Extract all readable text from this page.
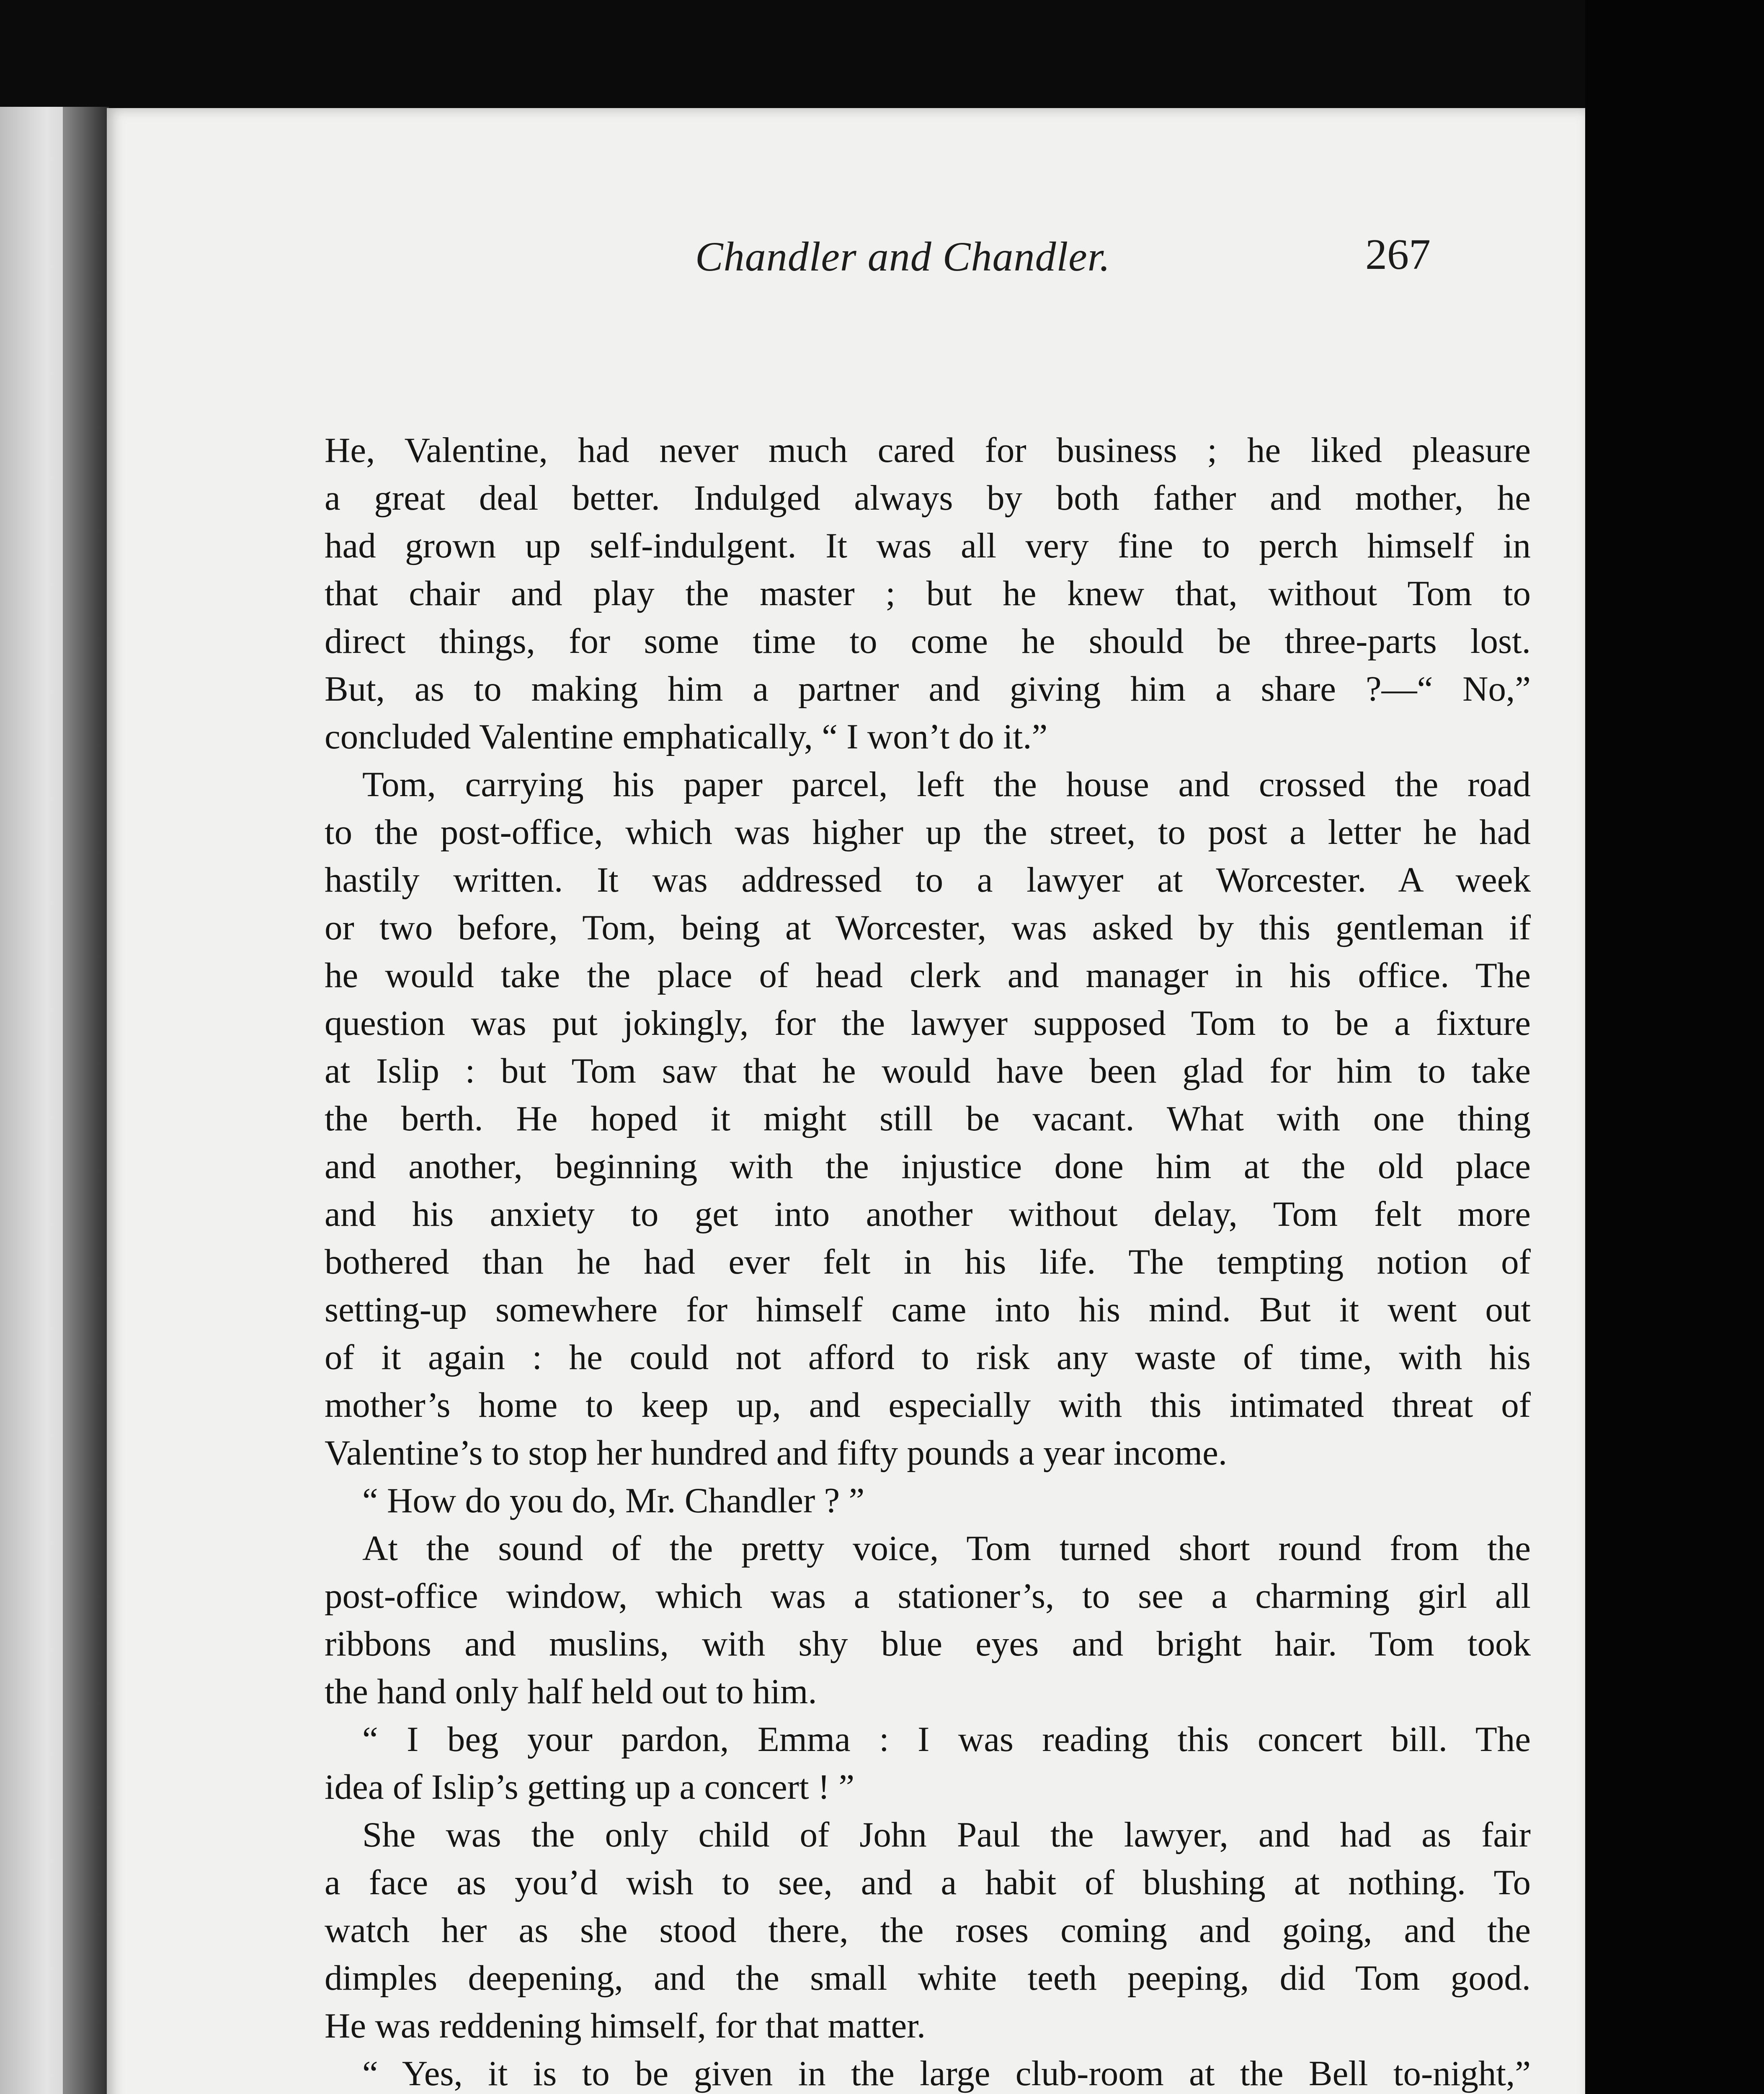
Chandler and Chandler.	267
He, Valentine, had never much cared for business ; he liked pleasure
a great deal better. Indulged always by both father and mother, he
had grown up self-indulgent. It was all very fine to perch himself in
that chair and play the master ; but he knew that, without Tom to
direct things, for some time to come he should be three-parts lost.
But, as to making him a partner and giving him a share ?—“ No,”
concluded Valentine emphatically, “ I won’t do it.”
Tom, carrying his paper parcel, left the house and crossed the road
to the post-office, which was higher up the street, to post a letter he had
hastily written. It was addressed to a lawyer at Worcester. A week
or two before, Tom, being at Worcester, was asked by this gentleman if
he would take the place of head clerk and manager in his office. The
question was put jokingly, for the lawyer supposed Tom to be a fixture
at Islip : but Tom saw that he would have been glad for him to take
the berth. He hoped it might still be vacant. What with one thing
and another, beginning with the injustice done him at the old place
and his anxiety to get into another without delay, Tom felt more
bothered than he had ever felt in his life. The tempting notion of
setting-up somewhere for himself came into his mind. But it went out
of it again : he could not afford to risk any waste of time, with his
mother’s home to keep up, and especially with this intimated threat of
Valentine’s to stop her hundred and fifty pounds a year income.
“ How do you do, Mr. Chandler ? ”
At the sound of the pretty voice, Tom turned short round from the
post-office window, which was a stationer’s, to see a charming girl all
ribbons and muslins, with shy blue eyes and bright hair. Tom took
the hand only half held out to him.
“ I beg your pardon, Emma : I was reading this concert bill. The
idea of Islip’s getting up a concert ! ”
She was the only child of John Paul the lawyer, and had as fair
a face as you’d wish to see, and a habit of blushing at nothing. To
watch her as she stood there, the roses coming and going, and the
dimples deepening, and the small white teeth peeping, did Tom good.
He was reddening himself, for that matter.
“ Yes, it is to be given in the large club-room at the Bell to-night,”
